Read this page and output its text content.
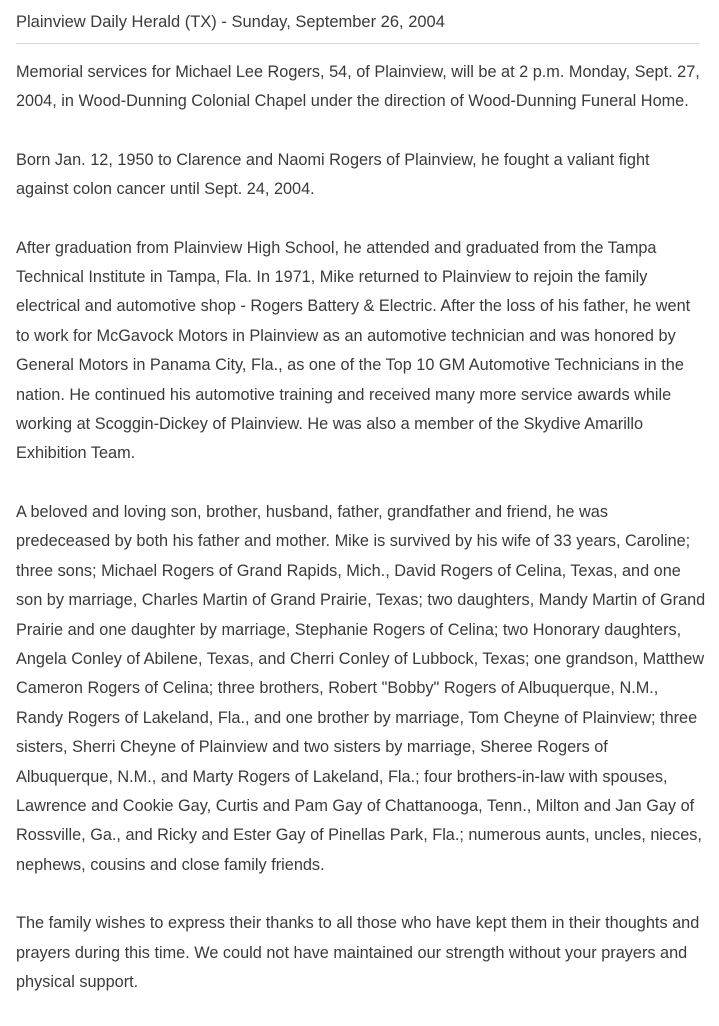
Plainview Daily Herald (TX) - Sunday, September 26, 2004

Memorial services for Michael Lee Rogers, 54, of Plainview, will be at 2 p.m. Monday, Sept. 27, 2004, in Wood-Dunning Colonial Chapel under the direction of Wood-Dunning Funeral Home.

Born Jan. 12, 1950 to Clarence and Naomi Rogers of Plainview, he fought a valiant fight against colon cancer until Sept. 24, 2004.

After graduation from Plainview High School, he attended and graduated from the Tampa Technical Institute in Tampa, Fla. In 1971, Mike returned to Plainview to rejoin the family electrical and automotive shop - Rogers Battery & Electric. After the loss of his father, he went to work for McGavock Motors in Plainview as an automotive technician and was honored by General Motors in Panama City, Fla., as one of the Top 10 GM Automotive Technicians in the nation. He continued his automotive training and received many more service awards while working at Scoggin-Dickey of Plainview. He was also a member of the Skydive Amarillo Exhibition Team.

A beloved and loving son, brother, husband, father, grandfather and friend, he was predeceased by both his father and mother. Mike is survived by his wife of 33 years, Caroline; three sons; Michael Rogers of Grand Rapids, Mich., David Rogers of Celina, Texas, and one son by marriage, Charles Martin of Grand Prairie, Texas; two daughters, Mandy Martin of Grand Prairie and one daughter by marriage, Stephanie Rogers of Celina; two Honorary daughters, Angela Conley of Abilene, Texas, and Cherri Conley of Lubbock, Texas; one grandson, Matthew Cameron Rogers of Celina; three brothers, Robert "Bobby" Rogers of Albuquerque, N.M., Randy Rogers of Lakeland, Fla., and one brother by marriage, Tom Cheyne of Plainview; three sisters, Sherri Cheyne of Plainview and two sisters by marriage, Sheree Rogers of Albuquerque, N.M., and Marty Rogers of Lakeland, Fla.; four brothers-in-law with spouses, Lawrence and Cookie Gay, Curtis and Pam Gay of Chattanooga, Tenn., Milton and Jan Gay of Rossville, Ga., and Ricky and Ester Gay of Pinellas Park, Fla.; numerous aunts, uncles, nieces, nephews, cousins and close family friends.

The family wishes to express their thanks to all those who have kept them in their thoughts and prayers during this time. We could not have maintained our strength without your prayers and physical support.
